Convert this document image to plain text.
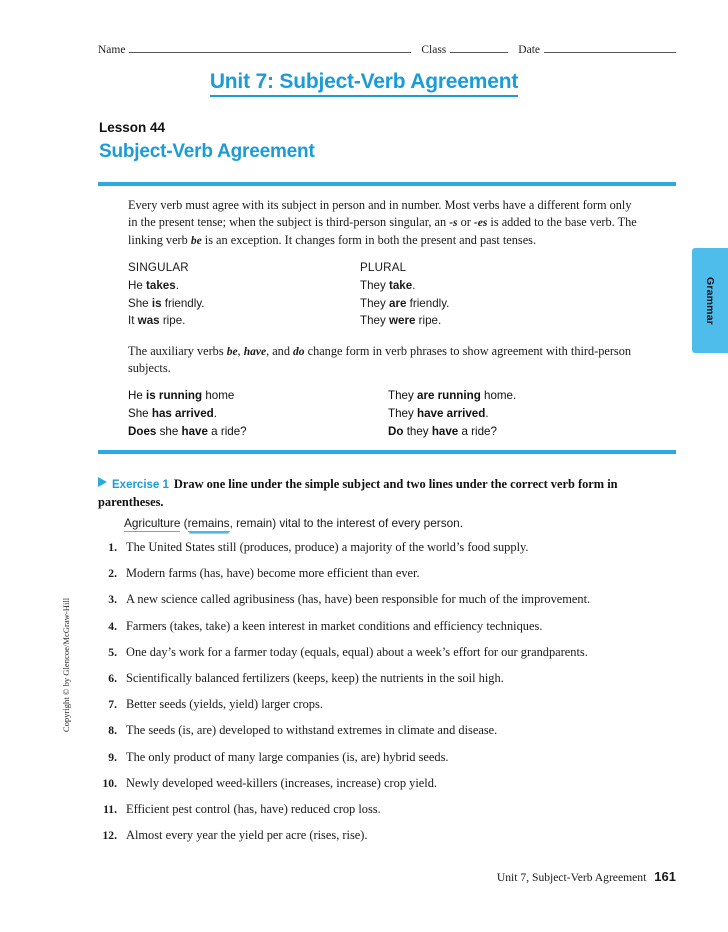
Name	Class	Date
Unit 7: Subject-Verb Agreement
Lesson 44
Subject-Verb Agreement

Every verb must agree with its subject in person and in number. Most verbs have a different form only in the present tense; when the subject is third-person singular, an -s or -es is added to the base verb. The linking verb be is an exception. It changes form in both the present and past tenses.

SINGULAR	PLURAL
He takes.	They take.
She is friendly.	They are friendly.
It was ripe.	They were ripe.

The auxiliary verbs be, have, and do change form in verb phrases to show agreement with third-person subjects.

He is running home	They are running home.
She has arrived.	They have arrived.
Does she have a ride?	Do they have a ride?
Exercise 1 Draw one line under the simple subject and two lines under the correct verb form in parentheses.
Agriculture (remains, remain) vital to the interest of every person.
1. The United States still (produces, produce) a majority of the world’s food supply.
2. Modern farms (has, have) become more efficient than ever.
3. A new science called agribusiness (has, have) been responsible for much of the improvement.
4. Farmers (takes, take) a keen interest in market conditions and efficiency techniques.
5. One day’s work for a farmer today (equals, equal) about a week’s effort for our grandparents.
6. Scientifically balanced fertilizers (keeps, keep) the nutrients in the soil high.
7. Better seeds (yields, yield) larger crops.
8. The seeds (is, are) developed to withstand extremes in climate and disease.
9. The only product of many large companies (is, are) hybrid seeds.
10. Newly developed weed-killers (increases, increase) crop yield.
11. Efficient pest control (has, have) reduced crop loss.
12. Almost every year the yield per acre (rises, rise).
Grammar
Copyright © by Glencoe/McGraw-Hill
Unit 7, Subject-Verb Agreement 161
